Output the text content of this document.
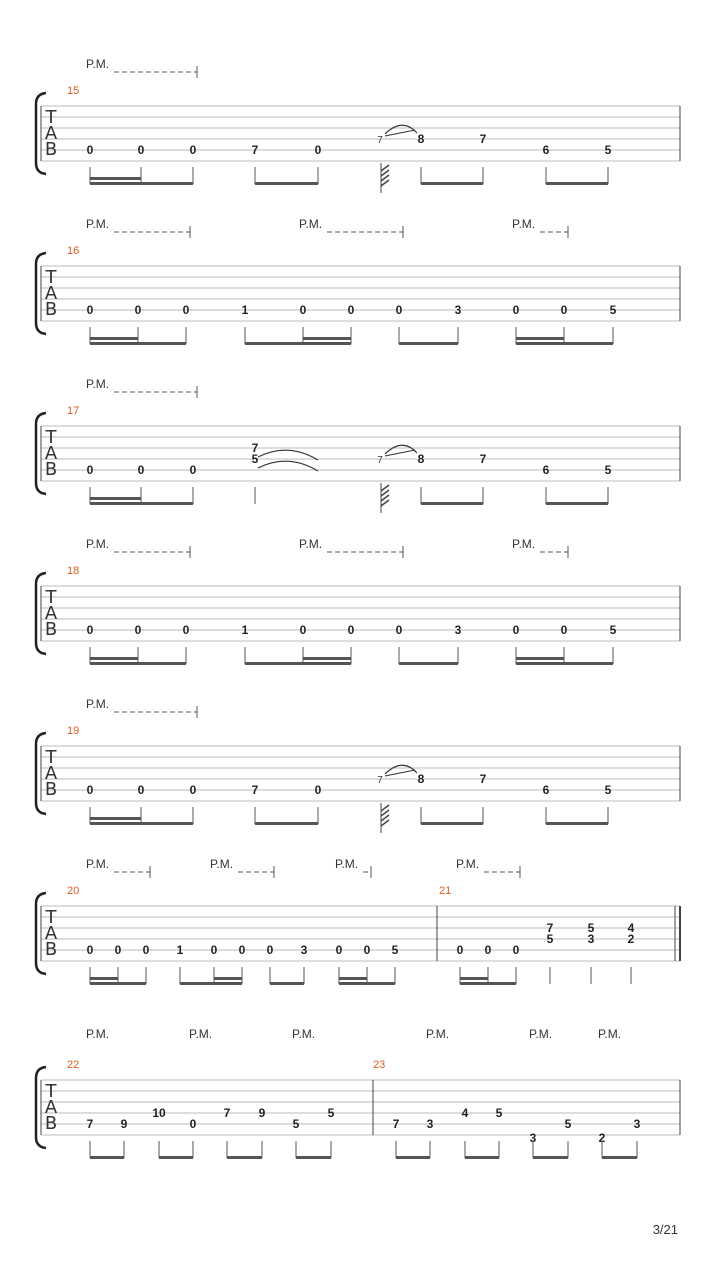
T
A
B
P.M.
15
0	0	0	7	0
7	8	7
6	5
T
A
B
P.M.	P.M.	P.M.
16
0	0	0	1	0	0	0	3	0	0	5
T
A
B
P.M.
17
0	0	0
7
5	7	8	7
6	5
T
A
B
P.M.	P.M.	P.M.
18
0	0	0	1	0	0	0	3	0	0	5
T
A
B
P.M.
19
0	0	0	7	0
7	8	7
6	5
T
A
B
P.M.	P.M.	P.M.	P.M.
20
0 0 0 1 0 0 0 3 0 0 5
21
0 0 0
7
5
5
3
4
2
T
A
B
P.M.	P.M.	P.M.	P.M.	P.M.	P.M.
22
7 9
10
0
7 9
5
5
23
7 3
4 5
3
5
2
3
3/21
